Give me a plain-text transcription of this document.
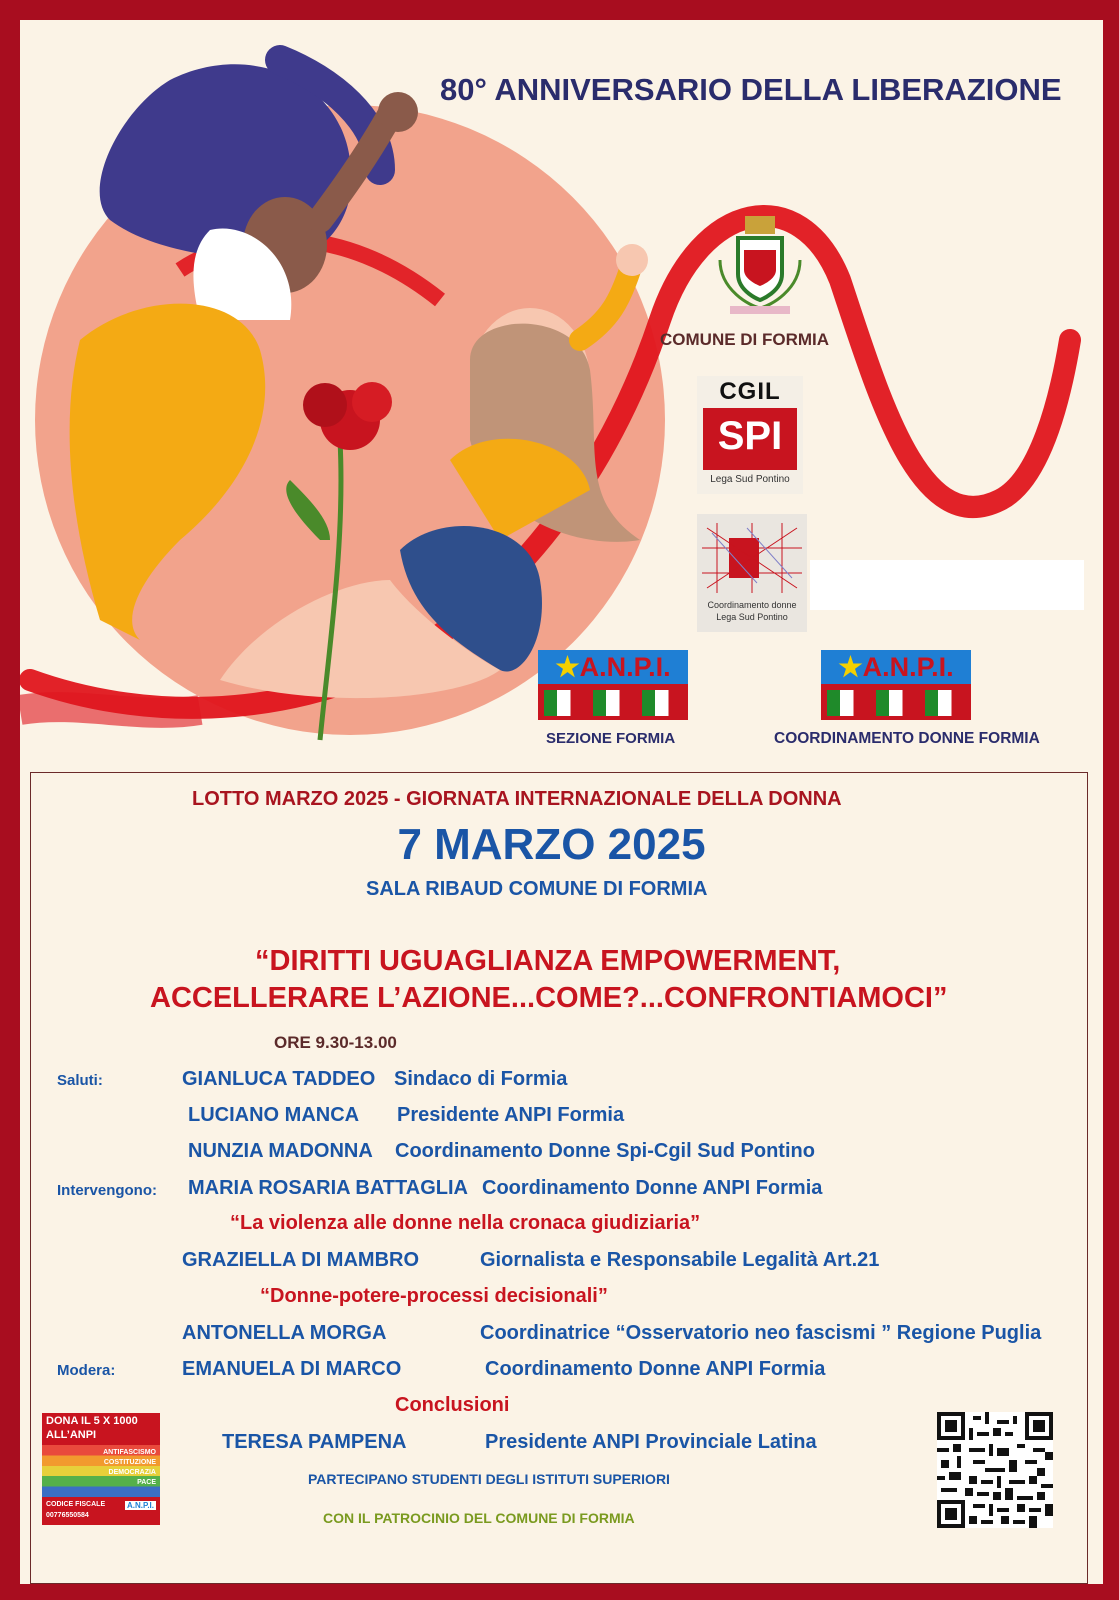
80° ANNIVERSARIO DELLA LIBERAZIONE
COMUNE DI FORMIA
CGIL
SPI
Lega Sud Pontino
Coordinamento donne
Lega Sud Pontino
★A.N.P.I.
SEZIONE FORMIA
★A.N.P.I.
COORDINAMENTO DONNE FORMIA
LOTTO MARZO 2025 - GIORNATA INTERNAZIONALE DELLA DONNA
7 MARZO 2025
SALA RIBAUD COMUNE DI FORMIA
“DIRITTI UGUAGLIANZA EMPOWERMENT,
ACCELLERARE L’AZIONE...COME?...CONFRONTIAMOCI”
ORE 9.30-13.00
Saluti:	GIANLUCA TADDEO Sindaco di Formia
LUCIANO MANCA Presidente ANPI Formia
NUNZIA MADONNA Coordinamento Donne Spi-Cgil Sud Pontino
Intervengono: MARIA ROSARIA BATTAGLIA Coordinamento Donne ANPI Formia
“La violenza alle donne nella cronaca giudiziaria”
GRAZIELLA DI MAMBRO	Giornalista e Responsabile Legalità Art.21
“Donne-potere-processi decisionali”
ANTONELLA MORGA	Coordinatrice “Osservatorio neo fascismi ” Regione Puglia
Modera:	EMANUELA DI MARCO	Coordinamento Donne ANPI Formia
Conclusioni
TERESA PAMPENA	Presidente ANPI Provinciale Latina
PARTECIPANO STUDENTI DEGLI ISTITUTI SUPERIORI
CON IL PATROCINIO DEL COMUNE DI FORMIA
DONA IL 5 X 1000
ALL’ANPI
ANTIFASCISMO
COSTITUZIONE
DEMOCRAZIA
PACE
CODICE FISCALE
00776550584
A.N.P.I.
